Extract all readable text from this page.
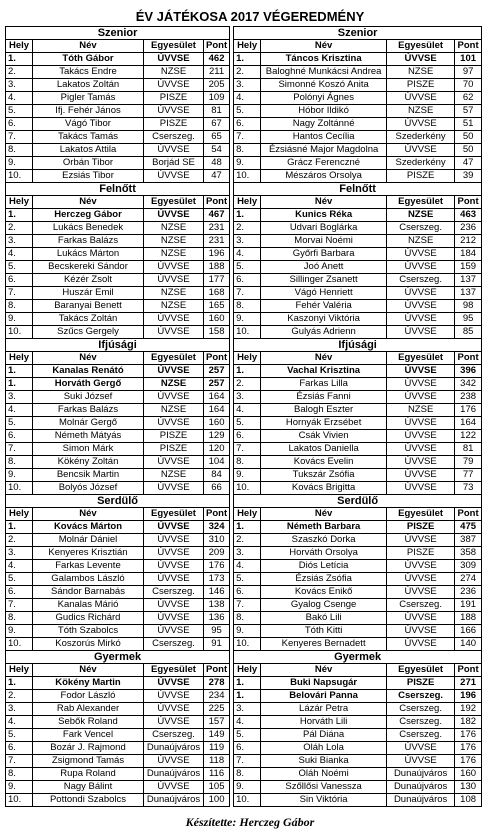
ÉV JÁTÉKOSA 2017 VÉGEREDMÉNY
Szenior					Szenior			
Hely	Név	Egyesület	Pont		Hely	Név	Egyesület	Pont
1.	Tóth Gábor	ÚVVSE	462		1.	Táncos Krisztina	ÚVVSE	101
2.	Takács Endre	NZSE	211		2.	Baloghné Munkácsi Andrea	NZSE	97
3.	Lakatos Zoltán	ÚVVSE	205		3.	Simonné Koszó Anita	PISZE	70
4.	Pigler Tamás	PISZE	109		4.	Polónyi Ágnes	ÚVVSE	62
5.	Ifj. Fehér János	ÚVVSE	81		5.	Hóbor Ildikó	NZSE	57
6.	Vágó Tibor	PISZE	67		6.	Nagy Zoltánné	ÚVVSE	51
7.	Takács Tamás	Cserszeg.	65		7.	Hantos Cecília	Szederkény	50
8.	Lakatos Attila	ÚVVSE	54		8.	Ézsiásné Major Magdolna	ÚVVSE	50
9.	Orbán Tibor	Borjád SE	48		9.	Grácz Ferenczné	Szederkény	47
10.	Ezsiás Tibor	ÚVVSE	47		10.	Mészáros Orsolya	PISZE	39
Felnőtt					Felnőtt			
Hely	Név	Egyesület	Pont		Hely	Név	Egyesület	Pont
1.	Herczeg Gábor	ÚVVSE	467		1.	Kunics Réka	NZSE	463
2.	Lukács Benedek	NZSE	231		2.	Udvari Boglárka	Cserszeg.	236
3.	Farkas Balázs	NZSE	231		3.	Morvai Noémi	NZSE	212
4.	Lukács Márton	NZSE	196		4.	Győrfi Barbara	ÚVVSE	184
5.	Becskereki Sándor	ÚVVSE	188		5.	Joó Anett	ÚVVSE	159
6.	Kézér Zsolt	ÚVVSE	177		6.	Sillinger Zsanett	Cserszeg.	137
7.	Huszár Emil	NZSE	168		7.	Vágó Henriett	ÚVVSE	137
8.	Baranyai Benett	NZSE	165		8.	Fehér Valéria	ÚVVSE	98
9.	Takács Zoltán	ÚVVSE	160		9.	Kaszonyi Viktória	ÚVVSE	95
10.	Szűcs Gergely	ÚVVSE	158		10.	Gulyás Adrienn	ÚVVSE	85
Ifjúsági					Ifjúsági			
Hely	Név	Egyesület	Pont		Hely	Név	Egyesület	Pont
1.	Kanalas Renátó	ÚVVSE	257		1.	Vachal Krisztina	ÚVVSE	396
1.	Horváth Gergő	NZSE	257		2.	Farkas Lilla	ÚVVSE	342
3.	Suki József	ÚVVSE	164		3.	Ézsiás Fanni	ÚVVSE	238
4.	Farkas Balázs	NZSE	164		4.	Balogh Eszter	NZSE	176
5.	Molnár Gergő	ÚVVSE	160		5.	Hornyák Erzsébet	ÚVVSE	164
6.	Németh Mátyás	PISZE	129		6.	Csák Vivien	ÚVVSE	122
7.	Simon Márk	PISZE	120		7.	Lakatos Daniella	ÚVVSE	81
8.	Kökény Zoltán	ÚVVSE	104		8.	Kovács Evelin	ÚVVSE	79
9.	Bencsik Martin	NZSE	84		9.	Tukszár Zsófia	ÚVVSE	77
10.	Bolyós József	ÚVVSE	66		10.	Kovács Brigitta	ÚVVSE	73
Serdülő					Serdülő			
Hely	Név	Egyesület	Pont		Hely	Név	Egyesület	Pont
1.	Kovács Márton	ÚVVSE	324		1.	Németh Barbara	PISZE	475
2.	Molnár Dániel	ÚVVSE	310		2.	Szaszkó Dorka	ÚVVSE	387
3.	Kenyeres Krisztián	ÚVVSE	209		3.	Horváth Orsolya	PISZE	358
4.	Farkas Levente	ÚVVSE	176		4.	Diós Letícia	ÚVVSE	309
5.	Galambos László	ÚVVSE	173		5.	Ézsiás Zsófia	ÚVVSE	274
6.	Sándor Barnabás	Cserszeg.	146		6.	Kovács Enikő	ÚVVSE	236
7.	Kanalas Márió	ÚVVSE	138		7.	Gyalog Csenge	Cserszeg.	191
8.	Gudics Richárd	ÚVVSE	136		8.	Bakó Lili	ÚVVSE	188
9.	Tóth Szabolcs	ÚVVSE	95		9.	Tóth Kitti	ÚVVSE	166
10.	Koszorús Mirkó	Cserszeg.	91		10.	Kenyeres Bernadett	ÚVVSE	140
Gyermek					Gyermek			
Hely	Név	Egyesület	Pont		Hely	Név	Egyesület	Pont
1.	Kökény Martin	ÚVVSE	278		1.	Buki Napsugár	PISZE	271
2.	Fodor László	ÚVVSE	234		1.	Belovári Panna	Cserszeg.	196
3.	Rab Alexander	ÚVVSE	225		3.	Lázár Petra	Cserszeg.	192
4.	Sebők Roland	ÚVVSE	157		4.	Horváth Lili	Cserszeg.	182
5.	Fark Vencel	Cserszeg.	149		5.	Pál Diána	Cserszeg.	176
6.	Bozár J. Rajmond	Dunaújváros	119		6.	Oláh Lola	ÚVVSE	176
7.	Zsigmond Tamás	ÚVVSE	118		7.	Suki Bianka	ÚVVSE	176
8.	Rupa Roland	Dunaújváros	116		8.	Oláh Noémi	Dunaújváros	160
9.	Nagy Bálint	ÚVVSE	105		9.	Szőllősi Vanessza	Dunaújváros	130
10.	Pottondi Szabolcs	Dunaújváros	100		10.	Sin Viktória	Dunaújváros	108
Készítette: Herczeg Gábor
